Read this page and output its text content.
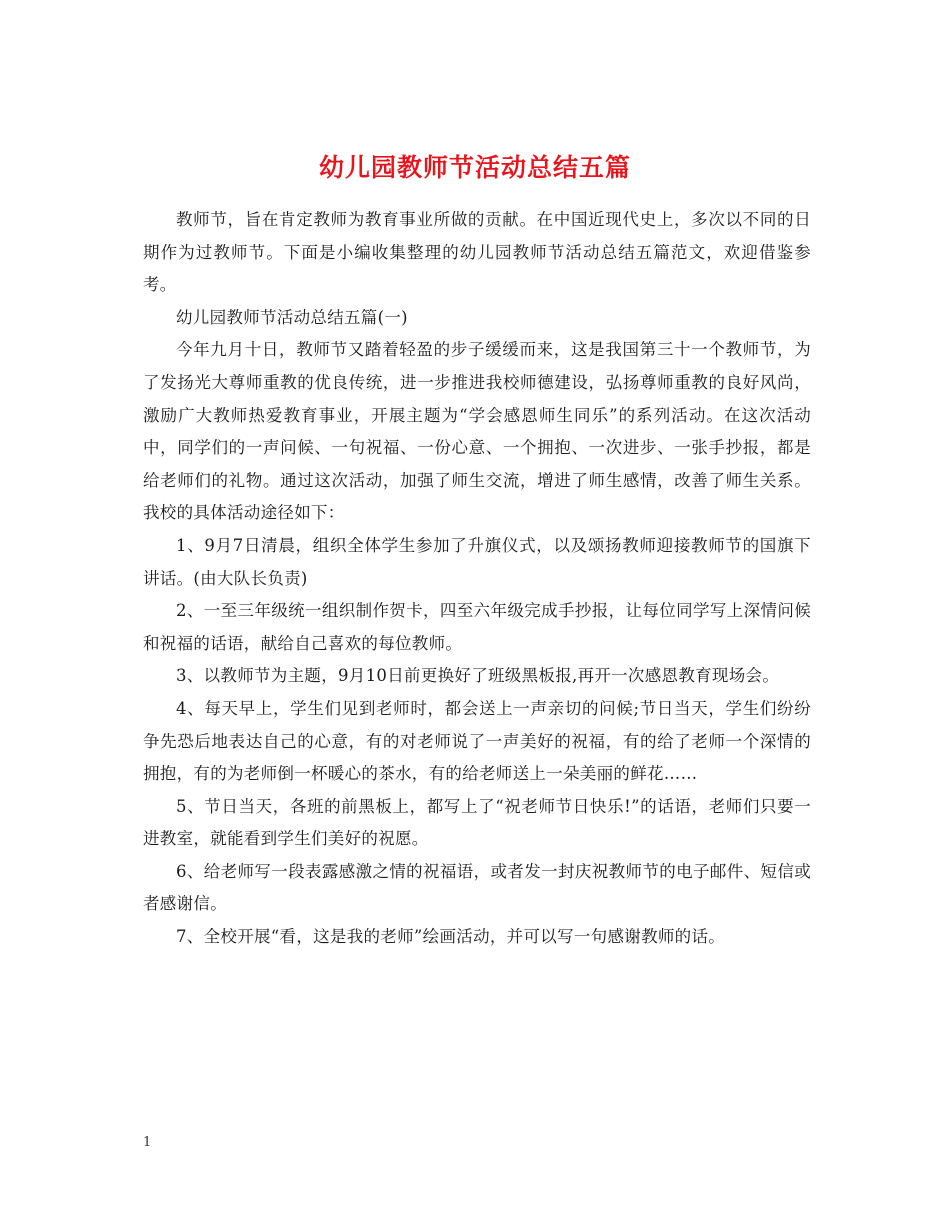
幼儿园教师节活动总结五篇

教师节，旨在肯定教师为教育事业所做的贡献。在中国近现代史上，多次以不同的日期作为过教师节。下面是小编收集整理的幼儿园教师节活动总结五篇范文，欢迎借鉴参考。

幼儿园教师节活动总结五篇(一)

今年九月十日，教师节又踏着轻盈的步子缓缓而来，这是我国第三十一个教师节，为了发扬光大尊师重教的优良传统，进一步推进我校师德建设，弘扬尊师重教的良好风尚，激励广大教师热爱教育事业，开展主题为“学会感恩师生同乐”的系列活动。在这次活动中，同学们的一声问候、一句祝福、一份心意、一个拥抱、一次进步、一张手抄报，都是给老师们的礼物。通过这次活动，加强了师生交流，增进了师生感情，改善了师生关系。我校的具体活动途径如下：

1、9月7日清晨，组织全体学生参加了升旗仪式，以及颂扬教师迎接教师节的国旗下讲话。(由大队长负责)

2、一至三年级统一组织制作贺卡，四至六年级完成手抄报，让每位同学写上深情问候和祝福的话语，献给自己喜欢的每位教师。

3、以教师节为主题，9月10日前更换好了班级黑板报,再开一次感恩教育现场会。

4、每天早上，学生们见到老师时，都会送上一声亲切的问候;节日当天，学生们纷纷争先恐后地表达自己的心意，有的对老师说了一声美好的祝福，有的给了老师一个深情的拥抱，有的为老师倒一杯暖心的茶水，有的给老师送上一朵美丽的鲜花……

5、节日当天，各班的前黑板上，都写上了“祝老师节日快乐!”的话语，老师们只要一进教室，就能看到学生们美好的祝愿。

6、给老师写一段表露感激之情的祝福语，或者发一封庆祝教师节的电子邮件、短信或者感谢信。

7、全校开展“看，这是我的老师”绘画活动，并可以写一句感谢教师的话。

1
